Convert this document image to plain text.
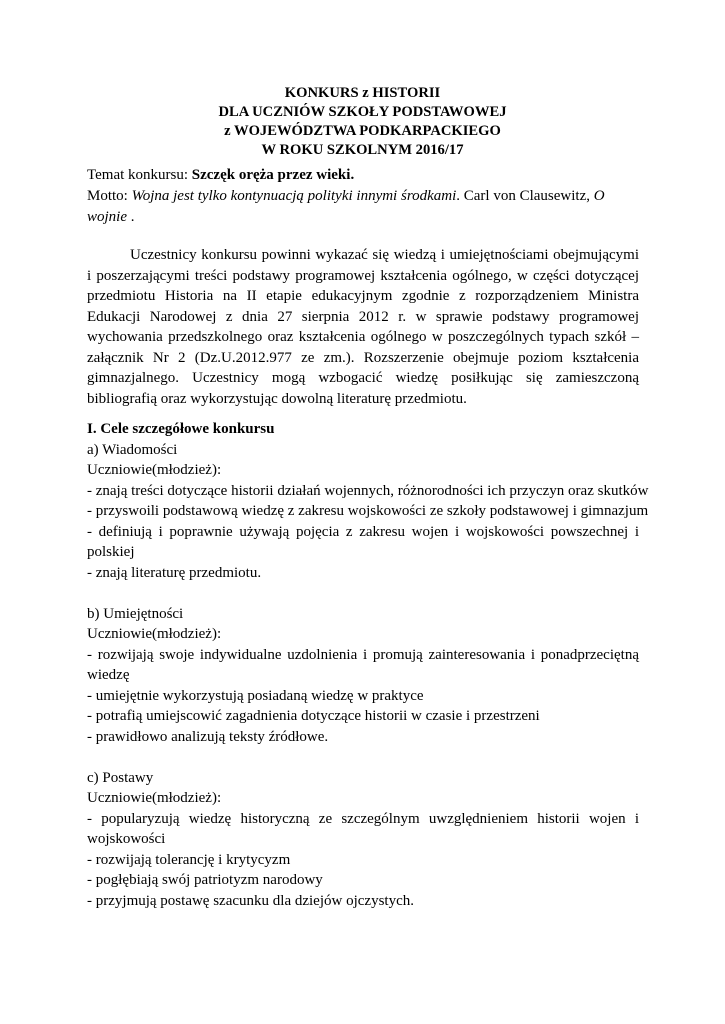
KONKURS z HISTORII
DLA UCZNIÓW SZKOŁY PODSTAWOWEJ
z WOJEWÓDZTWA PODKARPACKIEGO
W ROKU SZKOLNYM 2016/17
Temat konkursu: Szczęk oręża przez wieki.
Motto: Wojna jest tylko kontynuacją polityki innymi środkami. Carl von Clausewitz, O
wojnie .

Uczestnicy konkursu powinni wykazać się wiedzą i umiejętnościami obejmującymi i poszerzającymi treści podstawy programowej kształcenia ogólnego, w części dotyczącej przedmiotu Historia na II etapie edukacyjnym zgodnie z rozporządzeniem Ministra Edukacji Narodowej z dnia 27 sierpnia 2012 r. w sprawie podstawy programowej wychowania przedszkolnego oraz kształcenia ogólnego w poszczególnych typach szkół – załącznik Nr 2 (Dz.U.2012.977 ze zm.). Rozszerzenie obejmuje poziom kształcenia gimnazjalnego. Uczestnicy mogą wzbogacić wiedzę posiłkując się zamieszczoną bibliografią oraz wykorzystując dowolną literaturę przedmiotu.

I. Cele szczegółowe konkursu
a) Wiadomości
Uczniowie(młodzież):
- znają treści dotyczące historii działań wojennych, różnorodności ich przyczyn oraz skutków
- przyswoili podstawową wiedzę z zakresu wojskowości ze szkoły podstawowej i gimnazjum
- definiują i poprawnie używają pojęcia z zakresu wojen i wojskowości powszechnej i
polskiej
- znają literaturę przedmiotu.
b) Umiejętności
Uczniowie(młodzież):
- rozwijają swoje indywidualne uzdolnienia i promują zainteresowania i ponadprzeciętną
wiedzę
- umiejętnie wykorzystują posiadaną wiedzę w praktyce
- potrafią umiejscowić zagadnienia dotyczące historii w czasie i przestrzeni
- prawidłowo analizują teksty źródłowe.
c) Postawy
Uczniowie(młodzież):
- popularyzują wiedzę historyczną ze szczególnym uwzględnieniem historii wojen i
wojskowości
- rozwijają tolerancję i krytycyzm
- pogłębiają swój patriotyzm narodowy
- przyjmują postawę szacunku dla dziejów ojczystych.
